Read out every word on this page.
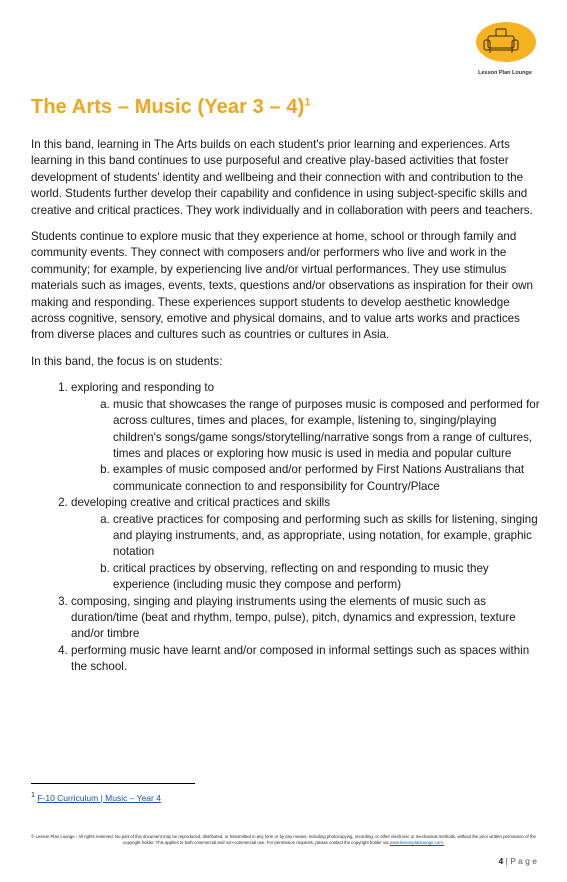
Lesson Plan Lounge
The Arts – Music (Year 3 – 4)$^1$

In this band, learning in The Arts builds on each student's prior learning and experiences. Arts learning in this band continues to use purposeful and creative play-based activities that foster development of students' identity and wellbeing and their connection with and contribution to the world. Students further develop their capability and confidence in using subject-specific skills and creative and critical practices. They work individually and in collaboration with peers and teachers.

Students continue to explore music that they experience at home, school or through family and community events. They connect with composers and/or performers who live and work in the community; for example, by experiencing live and/or virtual performances. They use stimulus materials such as images, events, texts, questions and/or observations as inspiration for their own making and responding. These experiences support students to develop aesthetic knowledge across cognitive, sensory, emotive and physical domains, and to value arts works and practices from diverse places and cultures such as countries or cultures in Asia.

In this band, the focus is on students:

1. exploring and responding to
a. music that showcases the range of purposes music is composed and performed for across cultures, times and places, for example, listening to, singing/playing children's songs/game songs/storytelling/narrative songs from a range of cultures, times and places or exploring how music is used in media and popular culture
b. examples of music composed and/or performed by First Nations Australians that communicate connection to and responsibility for Country/Place
2. developing creative and critical practices and skills
a. creative practices for composing and performing such as skills for listening, singing and playing instruments, and, as appropriate, using notation, for example, graphic notation
b. critical practices by observing, reflecting on and responding to music they experience (including music they compose and perform)
3. composing, singing and playing instruments using the elements of music such as duration/time (beat and rhythm, tempo, pulse), pitch, dynamics and expression, texture and/or timbre
4. performing music have learnt and/or composed in informal settings such as spaces within the school.
$^1$ F-10 Curriculum | Music – Year 4
© Lesson Plan Lounge - All rights reserved. No part of this document may be reproduced, distributed, or transmitted in any form or by any means, including photocopying, recording, or other electronic or mechanical methods, without the prior written permission of the copyright holder. This applies to both commercial and non-commercial use. For permission requests, please contact the copyright holder via www.lessonplanlounge.com.
4 | P a g e
